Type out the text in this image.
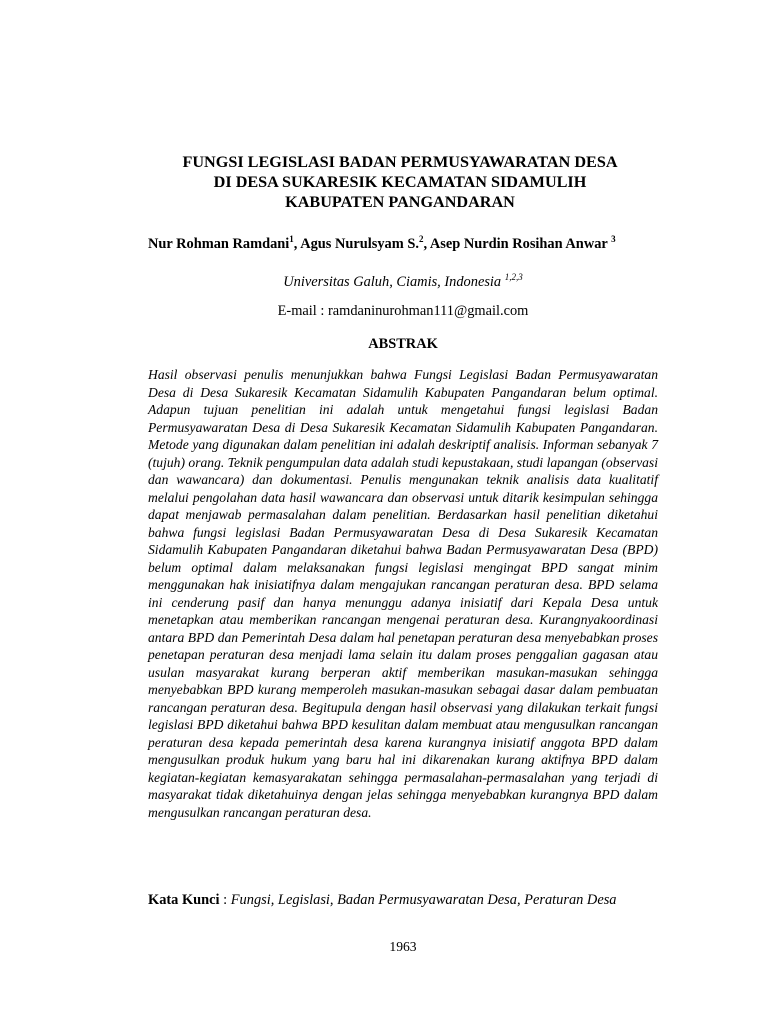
FUNGSI LEGISLASI BADAN PERMUSYAWARATAN DESA
DI DESA SUKARESIK KECAMATAN SIDAMULIH
KABUPATEN PANGANDARAN
Nur Rohman Ramdani$^1$, Agus Nurulsyam S.$^2$, Asep Nurdin Rosihan Anwar $^3$
Universitas Galuh, Ciamis, Indonesia $^{1,2,3}$
E-mail : ramdaninurohman111@gmail.com
ABSTRAK

Hasil observasi penulis menunjukkan bahwa Fungsi Legislasi Badan Permusyawaratan Desa di Desa Sukaresik Kecamatan Sidamulih Kabupaten Pangandaran belum optimal. Adapun tujuan penelitian ini adalah untuk mengetahui fungsi legislasi Badan Permusyawaratan Desa di Desa Sukaresik Kecamatan Sidamulih Kabupaten Pangandaran. Metode yang digunakan dalam penelitian ini adalah deskriptif analisis. Informan sebanyak 7 (tujuh) orang. Teknik pengumpulan data adalah studi kepustakaan, studi lapangan (observasi dan wawancara) dan dokumentasi. Penulis mengunakan teknik analisis data kualitatif melalui pengolahan data hasil wawancara dan observasi untuk ditarik kesimpulan sehingga dapat menjawab permasalahan dalam penelitian. Berdasarkan hasil penelitian diketahui bahwa fungsi legislasi Badan Permusyawaratan Desa di Desa Sukaresik Kecamatan Sidamulih Kabupaten Pangandaran diketahui bahwa Badan Permusyawaratan Desa (BPD) belum optimal dalam melaksanakan fungsi legislasi mengingat BPD sangat minim menggunakan hak inisiatifnya dalam mengajukan rancangan peraturan desa. BPD selama ini cenderung pasif dan hanya menunggu adanya inisiatif dari Kepala Desa untuk menetapkan atau memberikan rancangan mengenai peraturan desa. Kurangnyakoordinasi antara BPD dan Pemerintah Desa dalam hal penetapan peraturan desa menyebabkan proses penetapan peraturan desa menjadi lama selain itu dalam proses penggalian gagasan atau usulan masyarakat kurang berperan aktif memberikan masukan-masukan sehingga menyebabkan BPD kurang memperoleh masukan-masukan sebagai dasar dalam pembuatan rancangan peraturan desa. Begitupula dengan hasil observasi yang dilakukan terkait fungsi legislasi BPD diketahui bahwa BPD kesulitan dalam membuat atau mengusulkan rancangan peraturan desa kepada pemerintah desa karena kurangnya inisiatif anggota BPD dalam mengusulkan produk hukum yang baru hal ini dikarenakan kurang aktifnya BPD dalam kegiatan-kegiatan kemasyarakatan sehingga permasalahan-permasalahan yang terjadi di masyarakat tidak diketahuinya dengan jelas sehingga menyebabkan kurangnya BPD dalam mengusulkan rancangan peraturan desa.

Kata Kunci : Fungsi, Legislasi, Badan Permusyawaratan Desa, Peraturan Desa
1963
